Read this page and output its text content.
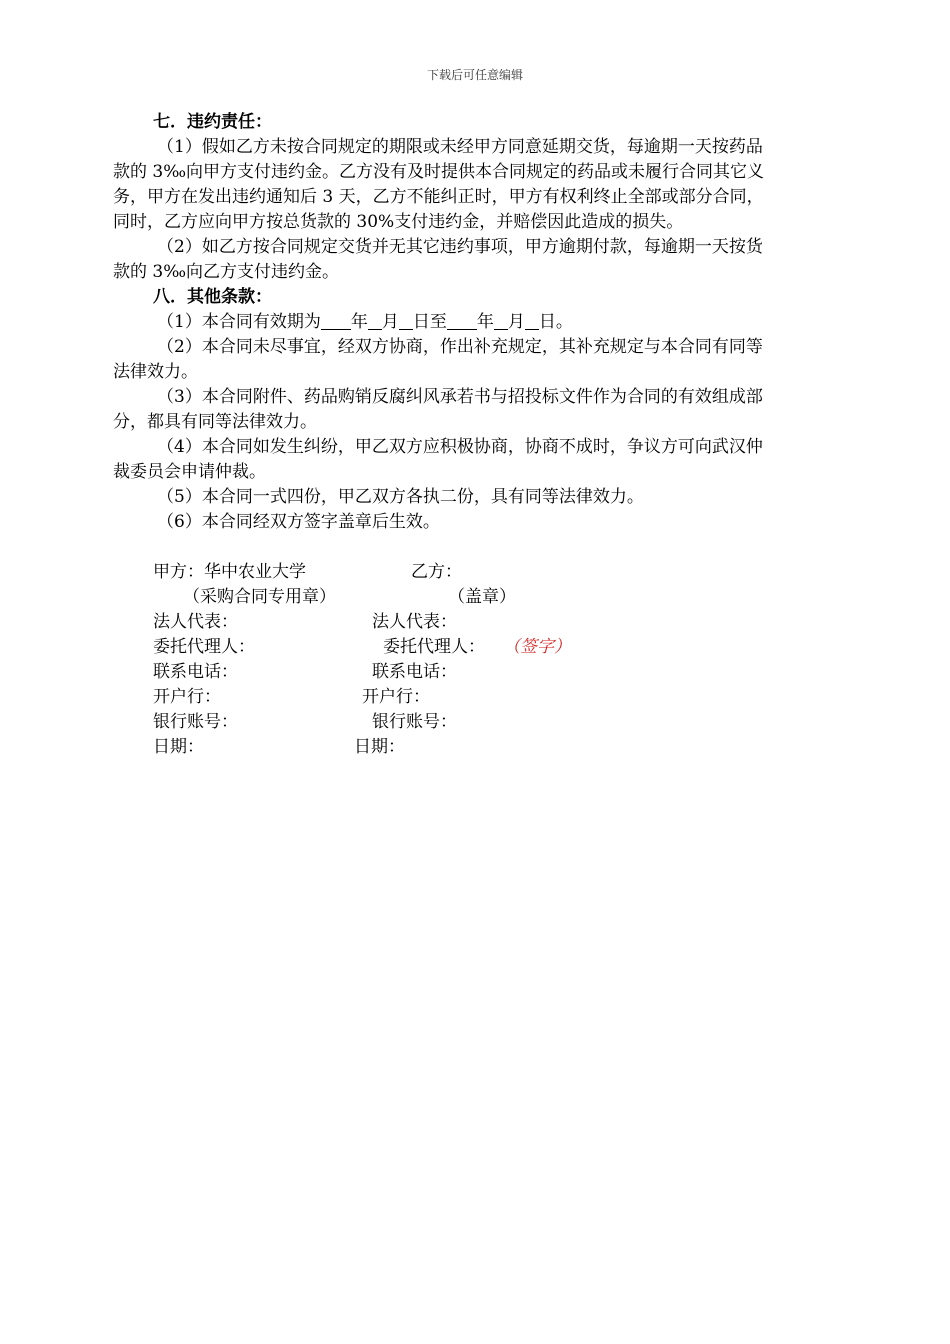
下载后可任意编辑
七．违约责任：
（1）假如乙方未按合同规定的期限或未经甲方同意延期交货，每逾期一天按药品
款的 3‰向甲方支付违约金。乙方没有及时提供本合同规定的药品或未履行合同其它义
务，甲方在发出违约通知后 3 天，乙方不能纠正时，甲方有权利终止全部或部分合同，
同时，乙方应向甲方按总货款的 30%支付违约金，并赔偿因此造成的损失。
（2）如乙方按合同规定交货并无其它违约事项，甲方逾期付款，每逾期一天按货
款的 3‰向乙方支付违约金。
八．其他条款：
（1）本合同有效期为 年 月 日至 年 月 日。
（2）本合同未尽事宜，经双方协商，作出补充规定，其补充规定与本合同有同等
法律效力。
（3）本合同附件、药品购销反腐纠风承若书与招投标文件作为合同的有效组成部
分，都具有同等法律效力。
（4）本合同如发生纠纷，甲乙双方应积极协商，协商不成时，争议方可向武汉仲
裁委员会申请仲裁。
（5）本合同一式四份，甲乙双方各执二份，具有同等法律效力。
（6）本合同经双方签字盖章后生效。
甲方：华中农业大学	乙方：
（采购合同专用章）	（盖章）
法人代表：	法人代表：
委托代理人：	委托代理人： （签字）
联系电话：	联系电话：
开户行：	开户行：
银行账号：	银行账号：
日期：	日期：
